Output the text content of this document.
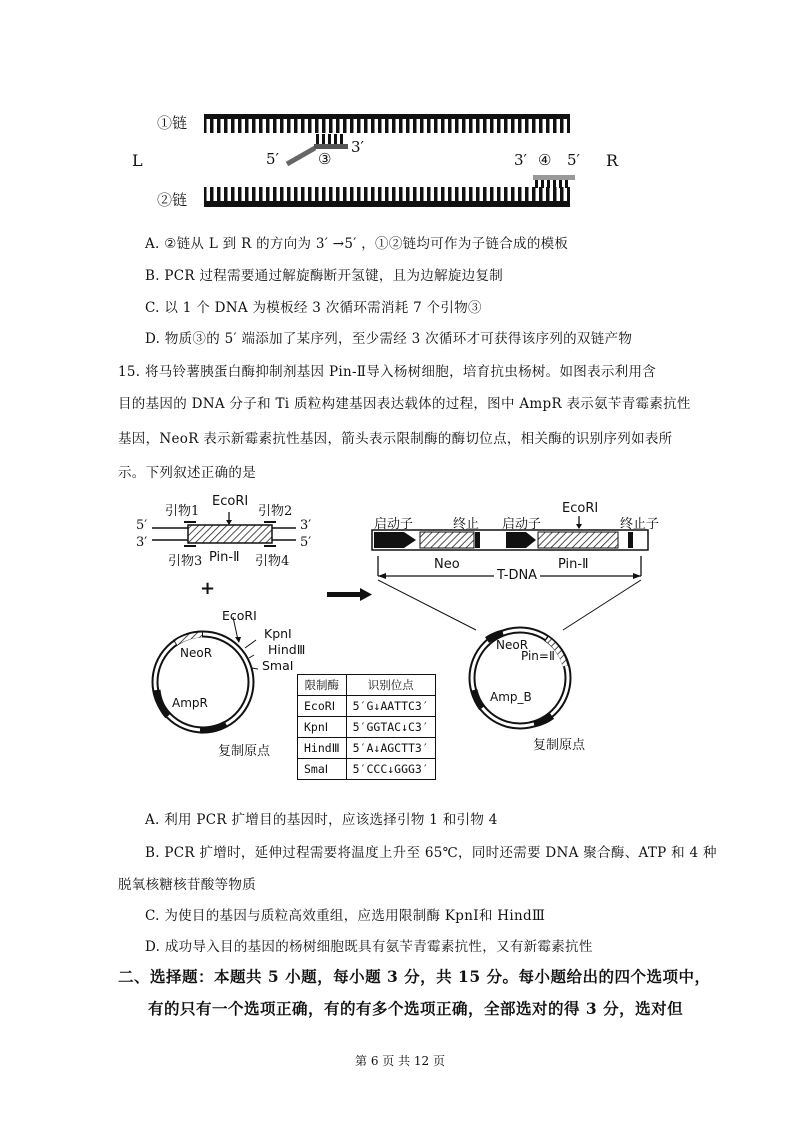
①链
②链
L	R
5′	③
3′
3′ ④ 5′
A. ②链从 L 到 R 的方向为 3′ →5′ ，①②链均可作为子链合成的模板
B. PCR 过程需要通过解旋酶断开氢键，且为边解旋边复制
C. 以 1 个 DNA 为模板经 3 次循环需消耗 7 个引物③
D. 物质③的 5′ 端添加了某序列，至少需经 3 次循环才可获得该序列的双链产物
15. 将马铃薯胰蛋白酶抑制剂基因 Pin-Ⅱ导入杨树细胞，培育抗虫杨树。如图表示利用含
目的基因的 DNA 分子和 Ti 质粒构建基因表达载体的过程，图中 AmpR 表示氨苄青霉素抗性
基因，NeoR 表示新霉素抗性基因，箭头表示限制酶的酶切位点，相关酶的识别序列如表所
示。下列叙述正确的是
引物1
EcoRⅠ
引物2
5′	3′
3′	5′
引物3 Pin-Ⅱ 引物4
+
EcoRⅠ
KpnⅠ
HindⅢ
SmaⅠ
NeoR
AmpR
复制原点
启动子	终止 启动子
EcoRⅠ
终止子
Neo	Pin-Ⅱ
T-DNA
NeoR
Pin=Ⅱ
Amp_B
复制原点
限制酶	识别位点
EcoRⅠ	5′G↓AATTC3′
KpnⅠ	5′GGTAC↓C3′
HindⅢ	5′A↓AGCTT3′
SmaⅠ	5′CCC↓GGG3′
A. 利用 PCR 扩增目的基因时，应该选择引物 1 和引物 4
B. PCR 扩增时，延伸过程需要将温度上升至 65℃，同时还需要 DNA 聚合酶、ATP 和 4 种
脱氧核糖核苷酸等物质
C. 为使目的基因与质粒高效重组，应选用限制酶 KpnⅠ和 HindⅢ
D. 成功导入目的基因的杨树细胞既具有氨苄青霉素抗性，又有新霉素抗性
二、选择题：本题共 5 小题，每小题 3 分，共 15 分。每小题给出的四个选项中，
有的只有一个选项正确，有的有多个选项正确，全部选对的得 3 分，选对但
第 6 页 共 12 页
